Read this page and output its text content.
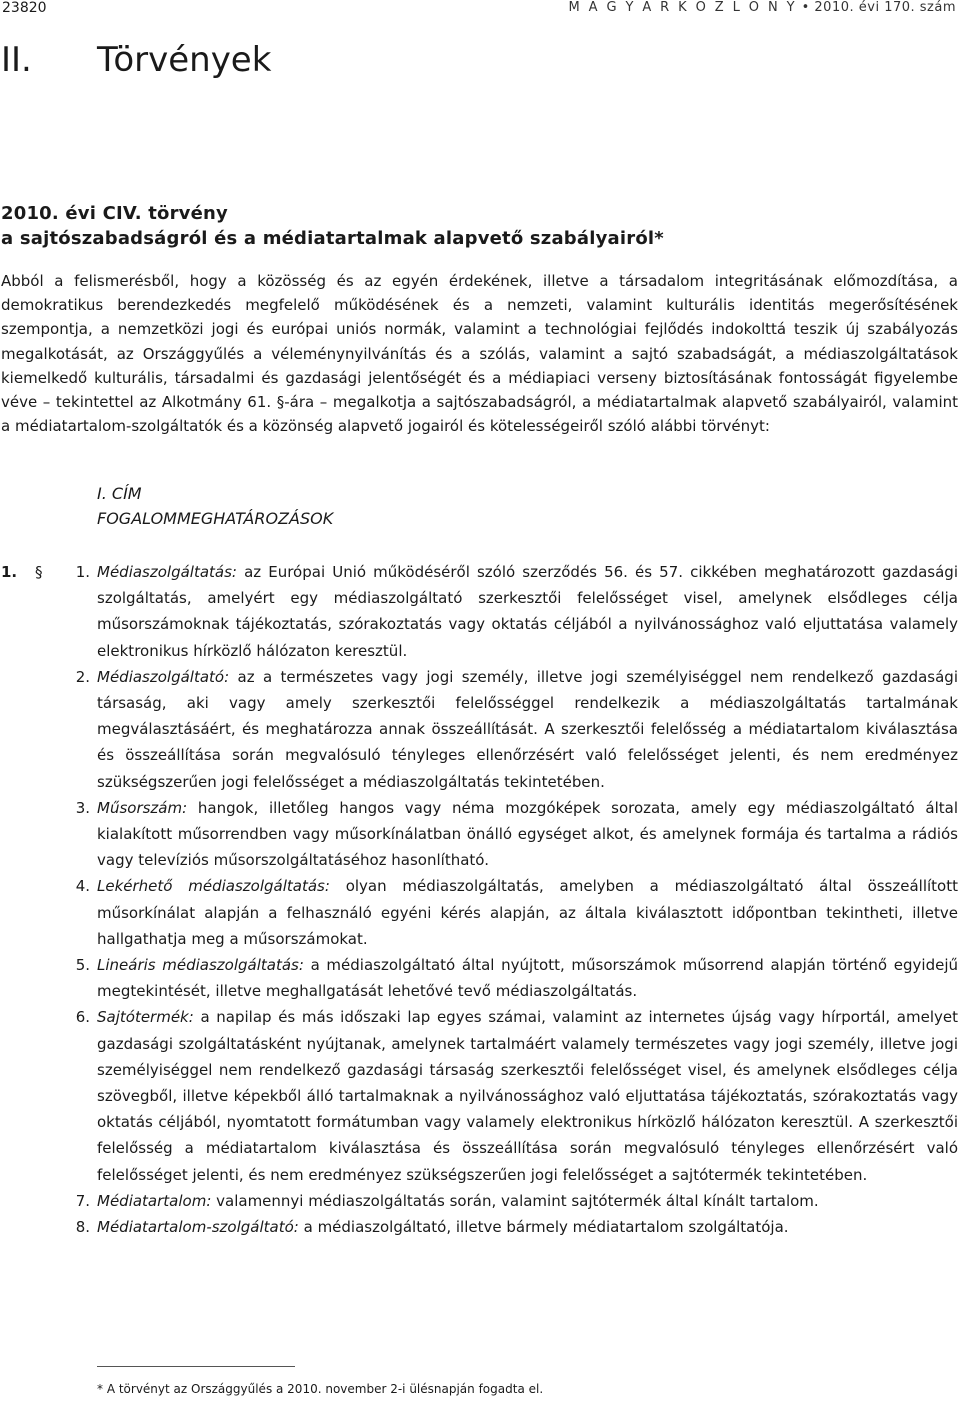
23820	M A G Y A R K Ö Z L Ö N Y • 2010. évi 170. szám
II. Törvények
2010. évi CIV. törvény
a sajtószabadságról és a médiatartalmak alapvető szabályairól*
Abból a felismerésből, hogy a közösség és az egyén érdekének, illetve a társadalom integritásának előmozdítása, a demokratikus berendezkedés megfelelő működésének és a nemzeti, valamint kulturális identitás megerősítésének szempontja, a nemzetközi jogi és európai uniós normák, valamint a technológiai fejlődés indokolttá teszik új szabályozás megalkotását, az Országgyűlés a véleménynyilvánítás és a szólás, valamint a sajtó szabadságát, a médiaszolgáltatások kiemelkedő kulturális, társadalmi és gazdasági jelentőségét és a médiapiaci verseny biztosításának fontosságát figyelembe véve – tekintettel az Alkotmány 61. §-ára – megalkotja a sajtószabadságról, a médiatartalmak alapvető szabályairól, valamint a médiatartalom-szolgáltatók és a közönség alapvető jogairól és kötelességeiről szóló alábbi törvényt:
I. CÍM
FOGALOMMEGHATÁROZÁSOK
1. §	1. Médiaszolgáltatás: az Európai Unió működéséről szóló szerződés 56. és 57. cikkében meghatározott gazdasági szolgáltatás, amelyért egy médiaszolgáltató szerkesztői felelősséget visel, amelynek elsődleges célja műsorszámoknak tájékoztatás, szórakoztatás vagy oktatás céljából a nyilvánossághoz való eljuttatása valamely elektronikus hírközlő hálózaton keresztül.
2. Médiaszolgáltató: az a természetes vagy jogi személy, illetve jogi személyiséggel nem rendelkező gazdasági társaság, aki vagy amely szerkesztői felelősséggel rendelkezik a médiaszolgáltatás tartalmának megválasztásáért, és meghatározza annak összeállítását. A szerkesztői felelősség a médiatartalom kiválasztása és összeállítása során megvalósuló tényleges ellenőrzésért való felelősséget jelenti, és nem eredményez szükségszerűen jogi felelősséget a médiaszolgáltatás tekintetében.
3. Műsorszám: hangok, illetőleg hangos vagy néma mozgóképek sorozata, amely egy médiaszolgáltató által kialakított műsorrendben vagy műsorkínálatban önálló egységet alkot, és amelynek formája és tartalma a rádiós vagy televíziós műsorszolgáltatáséhoz hasonlítható.
4. Lekérhető médiaszolgáltatás: olyan médiaszolgáltatás, amelyben a médiaszolgáltató által összeállított műsorkínálat alapján a felhasználó egyéni kérés alapján, az általa kiválasztott időpontban tekintheti, illetve hallgathatja meg a műsorszámokat.
5. Lineáris médiaszolgáltatás: a médiaszolgáltató által nyújtott, műsorszámok műsorrend alapján történő egyidejű megtekintését, illetve meghallgatását lehetővé tevő médiaszolgáltatás.
6. Sajtótermék: a napilap és más időszaki lap egyes számai, valamint az internetes újság vagy hírportál, amelyet gazdasági szolgáltatásként nyújtanak, amelynek tartalmáért valamely természetes vagy jogi személy, illetve jogi személyiséggel nem rendelkező gazdasági társaság szerkesztői felelősséget visel, és amelynek elsődleges célja szövegből, illetve képekből álló tartalmaknak a nyilvánossághoz való eljuttatása tájékoztatás, szórakoztatás vagy oktatás céljából, nyomtatott formátumban vagy valamely elektronikus hírközlő hálózaton keresztül. A szerkesztői felelősség a médiatartalom kiválasztása és összeállítása során megvalósuló tényleges ellenőrzésért való felelősséget jelenti, és nem eredményez szükségszerűen jogi felelősséget a sajtótermék tekintetében.
7. Médiatartalom: valamennyi médiaszolgáltatás során, valamint sajtótermék által kínált tartalom.
8. Médiatartalom-szolgáltató: a médiaszolgáltató, illetve bármely médiatartalom szolgáltatója.
* A törvényt az Országgyűlés a 2010. november 2-i ülésnapján fogadta el.
